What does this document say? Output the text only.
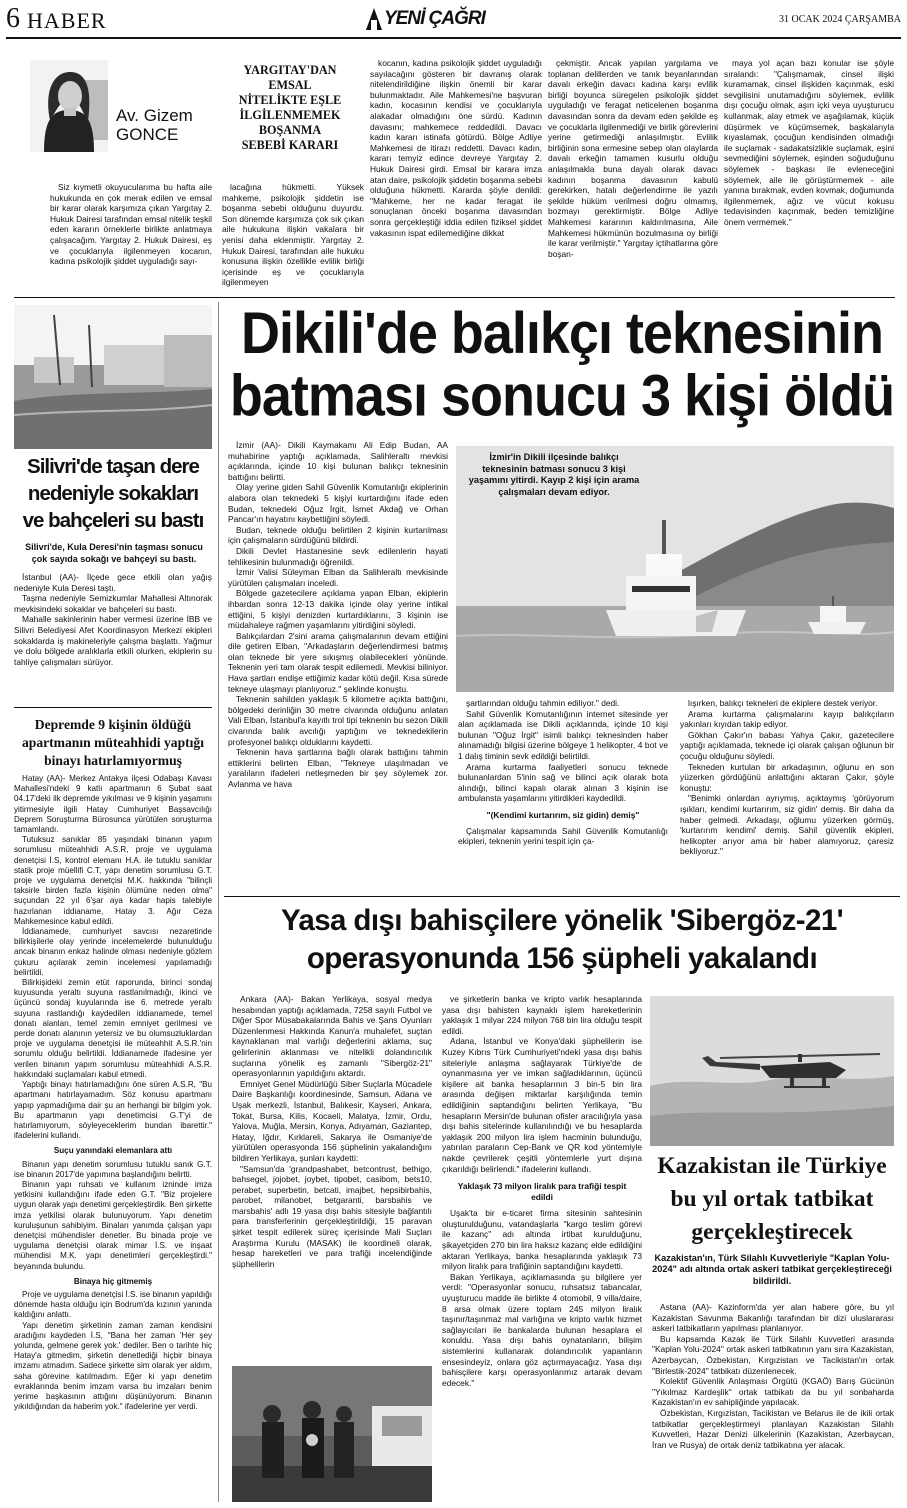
6 HABER	YENİ ÇAĞRI	31 OCAK 2024 ÇARŞAMBA
Av. Gizem
GONCE
YARGITAY'DAN
EMSAL
NİTELİKTE EŞLE
İLGİLENMEMEK
BOŞANMA
SEBEBİ KARARI
Siz kıymetli okuyucularıma bu hafta aile hukukunda en çok merak edilen ve emsal bir karar olarak karşımıza çıkan Yargıtay 2. Hukuk Dairesi tarafından emsal nitelik teşkil eden kararın örneklerle birlikte anlatmaya çalışacağım. Yargıtay 2. Hukuk Dairesi, eş ve çocuklarıyla ilgilenmeyen kocanın, kadına psikolojik şiddet uyguladığı sayı-
lacağına hükmetti. Yüksek mahkeme, psikolojik şiddetin ise boşanma sebebi olduğunu duyurdu. Son dönemde karşımıza çok sık çıkan aile hukukuna ilişkin vakalara bir yenisi daha eklenmiştir. Yargıtay 2. Hukuk Dairesi, tarafından aile hukuku konusuna ilişkin özellikle evlilik birliği içerisinde eş ve çocuklarıyla ilgilenmeyen
kocanın, kadına psikolojik şiddet uyguladığı sayılacağını gösteren bir davranış olarak nitelendirildiğine ilişkin önemli bir karar bulunmaktadır. Aile Mahkemesi'ne başvuran kadın, kocasının kendisi ve çocuklarıyla alakadar olmadığını öne sürdü. Kadının davasını; mahkemece reddedildi. Davacı kadın kararı istinafa götürdü. Bölge Adliye Mahkemesi de itirazı reddetti. Davacı kadın, kararı temyiz edince devreye Yargıtay 2. Hukuk Dairesi girdi. Emsal bir karara imza atan daire, psikolojik şiddetin boşanma sebebi olduğuna hükmetti. Kararda şöyle denildi: "Mahkeme, her ne kadar feragat ile sonuçlanan önceki boşanma davasından sonra gerçekleştiği iddia edilen fiziksel şiddet vakasının ispat edilemediğine dikkat
çekmiştir. Ancak yapılan yargılama ve toplanan delillerden ve tanık beyanlarından davalı erkeğin davacı kadına karşı evlilik birliği boyunca süregelen psikolojik şiddet uyguladığı ve feragat neticelenen boşanma davasından sonra da devam eden şekilde eş ve çocuklarla ilgilenmediği ve birlik görevlerini yerine getirmediği anlaşılmıştır. Evlilik birliğinin sona ermesine sebep olan olaylarda davalı erkeğin tamamen kusurlu olduğu anlaşılmakla buna dayalı olarak davacı kadının boşanma davasının kabulü gerekirken, hatalı değerlendirme ile yazılı şekilde hüküm verilmesi doğru olmamış, bozmayı gerektirmiştir. Bölge Adliye Mahkemesi kararının kaldırılmasına, Aile Mahkemesi hükmünün bozulmasına oy birliği ile karar verilmiştir." Yargıtay içtihatlarına göre boşan-
maya yol açan bazı konular ise şöyle sıralandı: "Çalışmamak, cinsel ilişki kuramamak, cinsel ilişkiden kaçınmak, eski sevgilisini unutamadığını söylemek, evlilik dışı çocuğu olmak, aşırı içki veya uyuşturucu kullanmak, alay etmek ve aşağılamak, küçük düşürmek ve küçümsemek, başkalarıyla kıyaslamak, çocuğun kendisinden olmadığı ile suçlamak - sadakatsizlikle suçlamak, eşini sevmediğini söylemek, eşinden soğuduğunu söylemek - başkası ile evleneceğini söylemek, aile ile görüştürmemek - aile yanına bırakmak, evden kovmak, doğumunda ilgilenmemek, ağız ve vücut kokusu tedavisinden kaçınmak, beden temizliğine önem vermemek."
Silivri'de taşan dere
nedeniyle sokakları
ve bahçeleri su bastı
Silivri'de, Kula Deresi'nin taşması sonucu çok sayıda sokağı ve bahçeyi su bastı.

İstanbul (AA)- İlçede gece etkili olan yağış nedeniyle Kula Deresi taştı.

Taşma nedeniyle Semizkumlar Mahallesi Altınorak mevkisindeki sokaklar ve bahçeleri su bastı.

Mahalle sakinlerinin haber vermesi üzerine İBB ve Silivri Belediyesi Afet Koordinasyon Merkezi ekipleri sokaklarda iş makineleriyle çalışma başlattı. Yağmur ve dolu bölgede aralıklarla etkili olurken, ekiplerin su tahliye çalışmaları sürüyor.

Depremde 9 kişinin öldüğü
apartmanın müteahhidi yaptığı
binayı hatırlamıyormuş

Hatay (AA)- Merkez Antakya ilçesi Odabaşı Kavası Mahallesi'ndeki 9 katlı apartmanın 6 Şubat saat 04.17'deki ilk depremde yıkılması ve 9 kişinin yaşamını yitirmesiyle ilgili Hatay Cumhuriyet Başsavcılığı Deprem Soruşturma Bürosunca yürütülen soruşturma tamamlandı.

Tutuksuz sanıklar 85 yaşındaki binanın yapım sorumlusu müteahhidi A.S.R, proje ve uygulama denetçisi İ.S, kontrol elemanı H.A. ile tutuklu sanıklar statik proje müellifi C.T, yapı denetim sorumlusu G.T. proje ve uygulama denetçisi M.K. hakkında "bilinçli taksirle birden fazla kişinin ölümüne neden olma" suçundan 22 yıl 6'şar aya kadar hapis talebiyle hazırlanan iddianame, Hatay 3. Ağır Ceza Mahkemesince kabul edildi.

İddianamede, cumhuriyet savcısı nezaretinde bilirkişilerle olay yerinde incelemelerde bulunulduğu ancak binanın enkaz halinde olması nedeniyle gözlem çukuru açılarak zemin incelemesi yapılamadığı belirtildi.

Bilirkişideki zemin etüt raporunda, birinci sondaj kuyusunda yeraltı suyuna rastlanılmadığı, ikinci ve üçüncü sondaj kuyularında ise 6. metrede yeraltı suyuna rastlandığı kaydedilen iddianamede, temel donatı alanları, temel zemin emniyet gerilmesi ve perde donatı alanının yetersiz ve bu olumsuzluklardan proje ve uygulama denetçisi ile müteahhit A.S.R.'nin sorumlu olduğu belirtildi. İddianamede ifadesine yer verilen binanın yapım sorumlusu müteahhidi A.S.R. hakkındaki suçlamaları kabul etmedi.

Yaptığı binayı hatırlamadığını öne süren A.S.R, "Bu apartmanı hatırlayamadım. Söz konusu apartmanı yapıp yapmadığıma dair şu an herhangi bir bilgim yok. Bu apartmanın yapı denetimcisi G.T'yi de hatırlamıyorum, söyleyeceklerim bundan ibarettir." ifadelerini kullandı.

Suçu yanındaki elemanlara attı

Binanın yapı denetim sorumlusu tutuklu sanık G.T. ise binanın 2017'de yapımına başlandığını belirtti.

Binanın yapı ruhsatı ve kullanım izninde imza yetkisini kullandığını ifade eden G.T. "Biz projelere uygun olarak yapı denetimi gerçekleştirdik. Ben şirkette imza yetkilisi olarak bulunuyorum. Yapı denetim kuruluşunun sahibiyim. Binaları yanımda çalışan yapı denetçisi mühendisler denetler. Bu binada proje ve uygulama denetçisi olarak mimar İ.S. ve inşaat mühendisi M.K. yapı denetimleri gerçekleştirdi." beyanında bulundu.

Binaya hiç gitmemiş

Proje ve uygulama denetçisi İ.S. ise binanın yapıldığı dönemde hasta olduğu için Bodrum'da kızının yanında kaldığını anlattı.

Yapı denetim şirketinin zaman zaman kendisini aradığını kaydeden İ.S, "Bana her zaman 'Her şey yolunda, gelmene gerek yok.' dediler. Ben o tarihte hiç Hatay'a gitmedim, şirketin denetlediği hiçbir binaya imzamı atmadım. Sadece şirkette sim olarak yer aldım, saha görevine katılmadım. Eğer ki yapı denetim evraklarında benim imzam varsa bu imzaları benim yerime başkasının attığını düşünüyorum. Binanın yıkıldığından da haberim yok." ifadelerine yer verdi.

Dikili'de balıkçı teknesinin
batması sonucu 3 kişi öldü

İzmir (AA)- Dikili Kaymakamı Ali Edip Budan, AA muhabirine yaptığı açıklamada, Salihleraltı mevkisi açıklarında, içinde 10 kişi bulunan balıkçı teknesinin battığını belirtti.

Olay yerine giden Sahil Güvenlik Komutanlığı ekiplerinin alabora olan teknedeki 5 kişiyi kurtardığını ifade eden Budan, teknedeki Oğuz İrgit, İsmet Akdağ ve Orhan Pancar'ın hayatını kaybettiğini söyledi.

Budan, teknede olduğu belirtilen 2 kişinin kurtarılması için çalışmaların sürdüğünü bildirdi.

Dikili Devlet Hastanesine sevk edilenlerin hayati tehlikesinin bulunmadığı öğrenildi.

İzmir Valisi Süleyman Elban da Salihleraltı mevkisinde yürütülen çalışmaları inceledi.

Bölgede gazetecilere açıklama yapan Elban, ekiplerin ihbardan sonra 12-13 dakika içinde olay yerine intikal ettiğini, 5 kişiyi denizden kurtardıklarını, 3 kişinin ise müdahaleye rağmen yaşamlarını yitirdiğini söyledi.

Balıkçılardan 2'sini arama çalışmalarının devam ettiğini dile getiren Elban, "Arkadaşların değerlendirmesi batmış olan teknede bir yere sıkışmış olabilecekleri yönünde. Teknenin yeri tam olarak tespit edilemedi. Mevkisi biliniyor. Hava şartları endişe ettiğimiz kadar kötü değil. Kısa sürede tekneye ulaşmayı planlıyoruz." şeklinde konuştu.

Teknenin sahilden yaklaşık 5 kilometre açıkta battığını, bölgedeki derinliğin 30 metre civarında olduğunu anlatan Vali Elban, İstanbul'a kayıtlı trol tipi teknenin bu sezon Dikili civarında balık avcılığı yaptığını ve teknedekilerin profesyonel balıkçı olduklarını kaydetti.

Teknenin hava şartlarına bağlı olarak battığını tahmin ettiklerini belirten Elban, "Tekneye ulaşılmadan ve yaralıların ifadeleri netleşmeden bir şey söylemek zor. Avlanma ve hava

İzmir'in Dikili ilçesinde balıkçı teknesinin batması sonucu 3 kişi yaşamını yitirdi. Kayıp 2 kişi için arama çalışmaları devam ediyor.

şartlarından olduğu tahmin ediliyor." dedi.

Sahil Güvenlik Komutanlığının internet sitesinde yer alan açıklamada ise Dikili açıklarında, içinde 10 kişi bulunan "Oğuz İrgit" isimli balıkçı teknesinden haber alınamadığı bilgisi üzerine bölgeye 1 helikopter, 4 bot ve 1 dalış timinin sevk edildiği belirtildi.

Arama kurtarma faaliyetleri sonucu teknede bulunanlardan 5'inin sağ ve bilinci açık olarak bota alındığı, bilinci kapalı olarak alınan 3 kişinin ise ambulansta yaşamlarını yitirdikleri kaydedildi.

"(Kendimi kurtarırım, siz gidin) demiş"

Çalışmalar kapsamında Sahil Güvenlik Komutanlığı ekipleri, teknenin yerini tespit için ça-

lışırken, balıkçı tekneleri de ekiplere destek veriyor.

Arama kurtarma çalışmalarını kayıp balıkçıların yakınları kıyıdan takip ediyor.

Gökhan Çakır'ın babası Yahya Çakır, gazetecilere yaptığı açıklamada, teknede içi olarak çalışan oğlunun bir çocuğu olduğunu söyledi.

Tekneden kurtulan bir arkadaşının, oğlunu en son yüzerken gördüğünü anlattığını aktaran Çakır, şöyle konuştu:

"Benimki onlardan ayrıymış, açıktaymış 'görüyorum ışıkları, kendimi kurtarırım, siz gidin' demiş. Bir daha da haber gelmedi. Arkadaşı, oğlumu yüzerken görmüş, 'kurtarırım kendimi' demiş. Sahil güvenlik ekipleri, helikopter arıyor ama bir haber alamıyoruz, çaresiz bekliyoruz."

Yasa dışı bahisçilere yönelik 'Sibergöz-21'
operasyonunda 156 şüpheli yakalandı

Ankara (AA)- Bakan Yerlikaya, sosyal medya hesabından yaptığı açıklamada, 7258 sayılı Futbol ve Diğer Spor Müsabakalarında Bahis ve Şans Oyunları Düzenlenmesi Hakkında Kanun'a muhalefet, suçtan kaynaklanan mal varlığı değerlerini aklama, suç gelirlerinin aklanması ve nitelikli dolandırıcılık suçlarına yönelik eş zamanlı "Sibergöz-21" operasyonlarının yapıldığını aktardı.

Emniyet Genel Müdürlüğü Siber Suçlarla Mücadele Daire Başkanlığı koordinesinde, Samsun, Adana ve Uşak merkezli, İstanbul, Balıkesir, Kayseri, Ankara, Tokat, Bursa, Kilis, Kocaeli, Malatya, İzmir, Ordu, Yalova, Muğla, Mersin, Konya, Adıyaman, Gaziantep, Hatay, Iğdır, Kırklareli, Sakarya ile Osmaniye'de yürütülen operasyonda 156 şüphelinin yakalandığını bildiren Yerlikaya, şunları kaydetti:

"Samsun'da 'grandpashabet, betcontrust, bethigo, bahsegel, jojobet, joybet, tipobet, casibom, bets10, perabet, superbetin, betcati, imajbet, hepsibirbahis, parobet, milanobet, betgaranti, barsbahis ve marsbahis' adlı 19 yasa dışı bahis sitesiyle bağlantılı para transferlerinin gerçekleştirildiği, 15 paravan şirket tespit edilerek süreç içerisinde Mali Suçları Araştırma Kurulu (MASAK) ile koordineli olarak, hesap hareketleri ve para trafiği incelendiğinde şüphelilerin

ve şirketlerin banka ve kripto varlık hesaplarında yasa dışı bahisten kaynaklı işlem hareketlerinin yaklaşık 1 milyar 224 milyon 768 bin lira olduğu tespit edildi.

Adana, İstanbul ve Konya'daki şüphelilerin ise Kuzey Kıbrıs Türk Cumhuriyeti'ndeki yasa dışı bahis siteleriyle anlaşma sağlayarak Türkiye'de de oynanmasına yer ve imkan sağladıklarının, üçüncü kişilere ait banka hesaplarının 3 bin-5 bin lira arasında değişen miktarlar karşılığında temin edildiğinin saptandığını belirten Yerlikaya, "Bu hesapların Mersin'de bulunan ofisler aracılığıyla yasa dışı bahis sitelerinde kullanılındığı ve bu hesaplarda yaklaşık 200 milyon lira işlem hacminin bulunduğu, yatırılan paraların Cep-Bank ve QR kod yöntemiyle nakde çevrilerek çeşitli yöntemlerle yurt dışına çıkarıldığı belirlendi." ifadelerini kullandı.

Yaklaşık 73 milyon liralık para trafiği tespit edildi

Uşak'ta bir e-ticaret firma sitesinin sahtesinin oluşturulduğunu, vatandaşlarla "kargo teslim görevi ile kazanç" adı altında irtibat kurulduğunu, şikayetçiden 270 bin lira haksız kazanç elde edildiğini aktaran Yerlikaya, banka hesaplarında yaklaşık 73 milyon liralık para trafiğinin saptandığını kaydetti.

Bakan Yerlikaya, açıklamasında şu bilgilere yer verdi: "Operasyonlar sonucu, ruhsatsız tabancalar, uyuşturucu madde ile birlikte 4 otomobil, 9 villa/daire, 8 arsa olmak üzere toplam 245 milyon liralık taşınır/taşınmaz mal varlığına ve kripto varlık hizmet sağlayıcıları ile bankalarda bulunan hesaplara el konuldu. Yasa dışı bahis oynatanların, bilişim sistemlerini kullanarak dolandırıcılık yapanların ensesindeyiz, onlara göz açtırmayacağız. Yasa dışı bahisçilere karşı operasyonlarımız artarak devam edecek."

Kazakistan ile Türkiye
bu yıl ortak tatbikat
gerçekleştirecek
Kazakistan'ın, Türk Silahlı Kuvvetleriyle "Kaplan Yolu-2024" adı altında ortak askeri tatbikat gerçekleştireceği bildirildi.

Astana (AA)- Kazinform'da yer alan habere göre, bu yıl Kazakistan Savunma Bakanlığı tarafından bir dizi uluslararası askeri tatbikatların yapılması planlanıyor.

Bu kapsamda Kazak ile Türk Silahlı Kuvvetleri arasında "Kaplan Yolu-2024" ortak askeri tatbikatının yanı sıra Kazakistan, Azerbaycan, Özbekistan, Kırgızistan ve Tacikistan'ın ortak "Birlestik-2024" tatbikatı düzenlenecek.

Kolektif Güvenlik Anlaşması Örgütü (KGAÖ) Barış Gücünün "Yıkılmaz Kardeşlik" ortak tatbikatı da bu yıl sonbaharda Kazakistan'ın ev sahipliğinde yapılacak.

Özbekistan, Kırgızistan, Tacikistan ve Belarus ile de ikili ortak tatbikatlar gerçekleştirmeyi planlayan Kazakistan Silahlı Kuvvetleri, Hazar Denizi ülkelerinin (Kazakistan, Azerbaycan, İran ve Rusya) de ortak deniz tatbikatına yer alacak.
